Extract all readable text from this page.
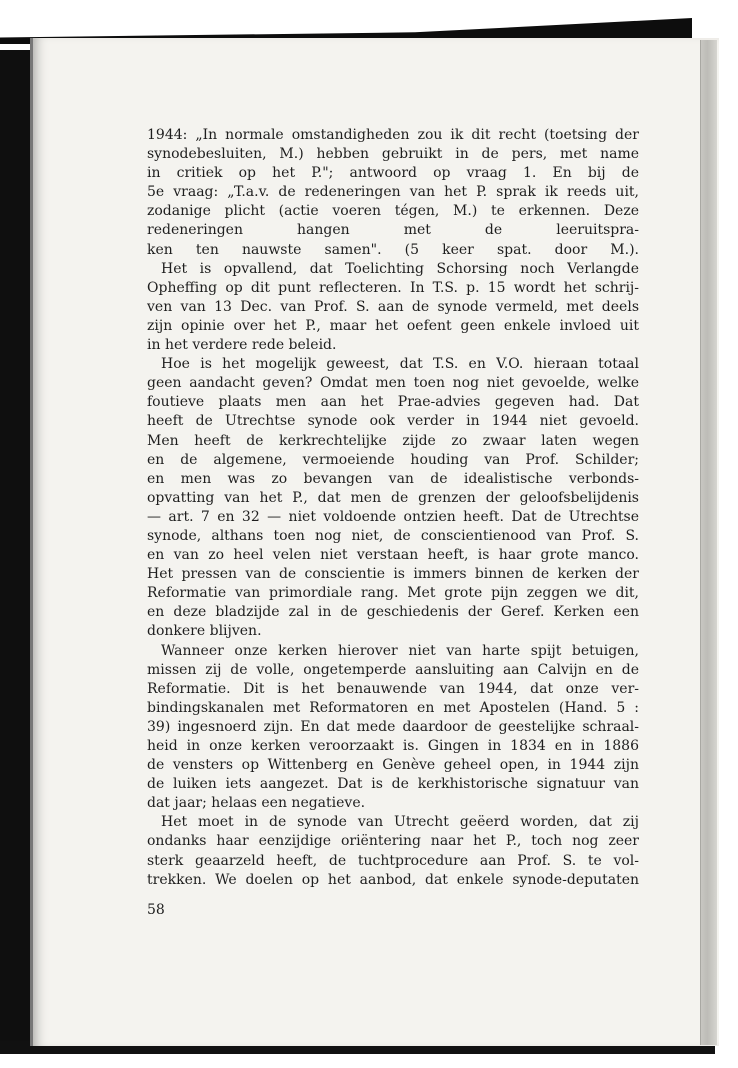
1944: „In normale omstandigheden zou ik dit recht (toetsing der
synodebesluiten, M.) hebben gebruikt in de pers, met name
in critiek op het P."; antwoord op vraag 1. En bij de
5e vraag: „T.a.v. de redeneringen van het P. sprak ik reeds uit,
zodanige plicht (actie voeren tégen, M.) te erkennen. Deze
redeneringen hangen met de leeruitspra-
ken ten nauwste samen". (5 keer spat. door M.).
Het is opvallend, dat Toelichting Schorsing noch Verlangde
Opheffing op dit punt reflecteren. In T.S. p. 15 wordt het schrij-
ven van 13 Dec. van Prof. S. aan de synode vermeld, met deels
zijn opinie over het P., maar het oefent geen enkele invloed uit
in het verdere rede beleid.
Hoe is het mogelijk geweest, dat T.S. en V.O. hieraan totaal
geen aandacht geven? Omdat men toen nog niet gevoelde, welke
foutieve plaats men aan het Prae-advies gegeven had. Dat
heeft de Utrechtse synode ook verder in 1944 niet gevoeld.
Men heeft de kerkrechtelijke zijde zo zwaar laten wegen
en de algemene, vermoeiende houding van Prof. Schilder;
en men was zo bevangen van de idealistische verbonds-
opvatting van het P., dat men de grenzen der geloofsbelijdenis
— art. 7 en 32 — niet voldoende ontzien heeft. Dat de Utrechtse
synode, althans toen nog niet, de conscientienood van Prof. S.
en van zo heel velen niet verstaan heeft, is haar grote manco.
Het pressen van de conscientie is immers binnen de kerken der
Reformatie van primordiale rang. Met grote pijn zeggen we dit,
en deze bladzijde zal in de geschiedenis der Geref. Kerken een
donkere blijven.
Wanneer onze kerken hierover niet van harte spijt betuigen,
missen zij de volle, ongetemperde aansluiting aan Calvijn en de
Reformatie. Dit is het benauwende van 1944, dat onze ver-
bindingskanalen met Reformatoren en met Apostelen (Hand. 5 :
39) ingesnoerd zijn. En dat mede daardoor de geestelijke schraal-
heid in onze kerken veroorzaakt is. Gingen in 1834 en in 1886
de vensters op Wittenberg en Genève geheel open, in 1944 zijn
de luiken iets aangezet. Dat is de kerkhistorische signatuur van
dat jaar; helaas een negatieve.
Het moet in de synode van Utrecht geëerd worden, dat zij
ondanks haar eenzijdige oriëntering naar het P., toch nog zeer
sterk geaarzeld heeft, de tuchtprocedure aan Prof. S. te vol-
trekken. We doelen op het aanbod, dat enkele synode-deputaten
58
